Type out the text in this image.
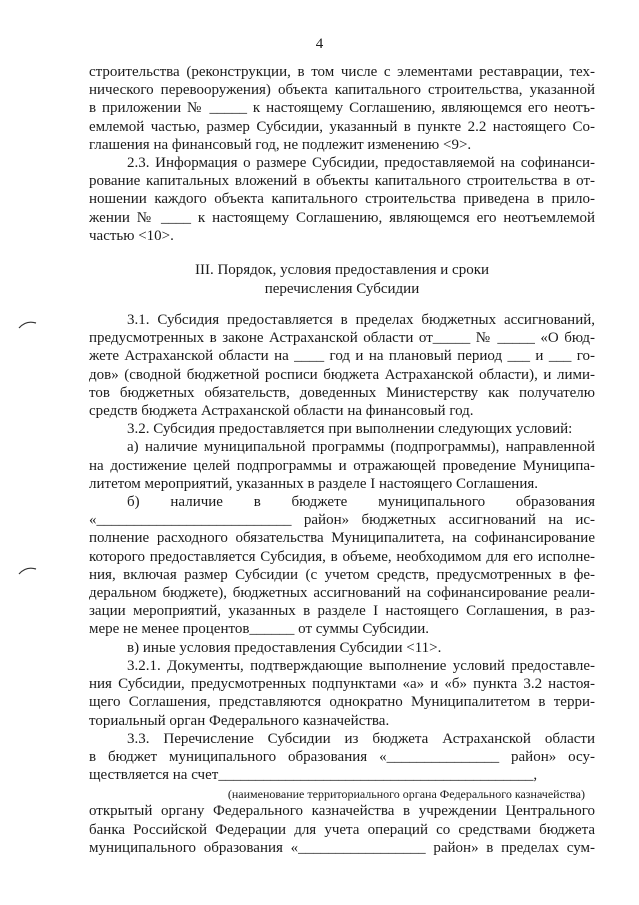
4

строительства (реконструкции, в том числе с элементами реставрации, тех-
нического перевооружения) объекта капитального строительства, указанной
в приложении № _____ к настоящему Соглашению, являющемся его неотъ-
емлемой частью, размер Субсидии, указанный в пункте 2.2 настоящего Со-
глашения на финансовый год, не подлежит изменению <9>.

2.3. Информация о размере Субсидии, предоставляемой на софинанси-
рование капитальных вложений в объекты капитального строительства в от-
ношении каждого объекта капитального строительства приведена в прило-
жении № ____ к настоящему Соглашению, являющемся его неотъемлемой
частью <10>.

III. Порядок, условия предоставления и сроки
перечисления Субсидии

3.1. Субсидия предоставляется в пределах бюджетных ассигнований,
предусмотренных в законе Астраханской области от_____ № _____ «О бюд-
жете Астраханской области на ____ год и на плановый период ___ и ___ го-
дов» (сводной бюджетной росписи бюджета Астраханской области), и лими-
тов бюджетных обязательств, доведенных Министерству как получателю
средств бюджета Астраханской области на финансовый год.

3.2. Субсидия предоставляется при выполнении следующих условий:

а) наличие муниципальной программы (подпрограммы), направленной
на достижение целей подпрограммы и отражающей проведение Муниципа-
литетом мероприятий, указанных в разделе I настоящего Соглашения.

б) наличие в бюджете муниципального образования
«__________________________ район» бюджетных ассигнований на ис-
полнение расходного обязательства Муниципалитета, на софинансирование
которого предоставляется Субсидия, в объеме, необходимом для его исполне-
ния, включая размер Субсидии (с учетом средств, предусмотренных в фе-
деральном бюджете), бюджетных ассигнований на софинансирование реали-
зации мероприятий, указанных в разделе I настоящего Соглашения, в раз-
мере не менее процентов______ от суммы Субсидии.

в) иные условия предоставления Субсидии <11>.

3.2.1. Документы, подтверждающие выполнение условий предоставле-
ния Субсидии, предусмотренных подпунктами «а» и «б» пункта 3.2 настоя-
щего Соглашения, представляются однократно Муниципалитетом в терри-
ториальный орган Федерального казначейства.

3.3. Перечисление Субсидии из бюджета Астраханской области
в бюджет муниципального образования «_______________ район» осу-
ществляется на счет__________________________________________,

(наименование территориального органа Федерального казначейства)

открытый органу Федерального казначейства в учреждении Центрального
банка Российской Федерации для учета операций со средствами бюджета
муниципального образования «_________________ район» в пределах сум-
